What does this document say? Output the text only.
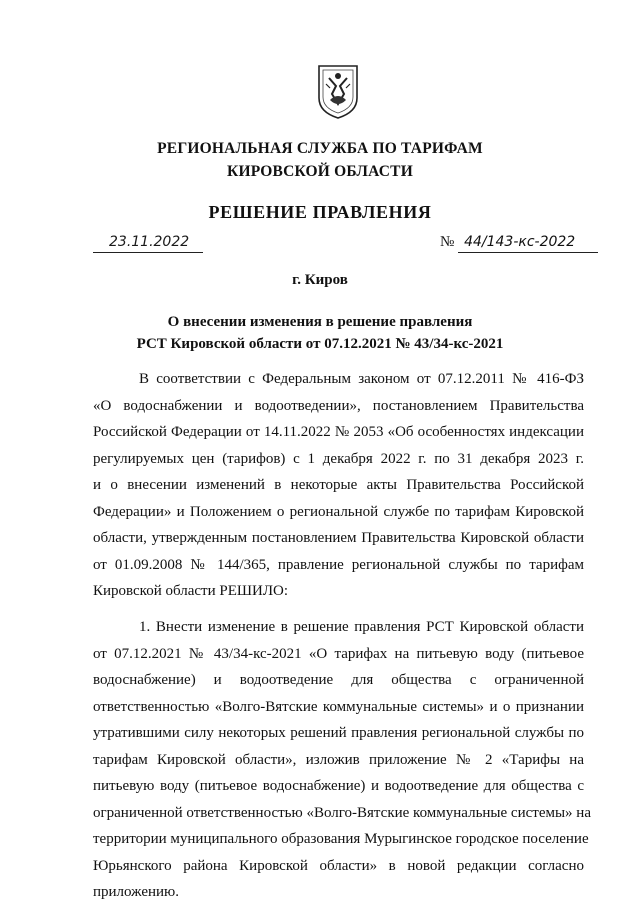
РЕГИОНАЛЬНАЯ СЛУЖБА ПО ТАРИФАМ
КИРОВСКОЙ ОБЛАСТИ
РЕШЕНИЕ ПРАВЛЕНИЯ
23.11.2022	№ 44/143-кс-2022
г. Киров
О внесении изменения в решение правления
РСТ Кировской области от 07.12.2021 № 43/34-кс-2021
В соответствии с Федеральным законом от 07.12.2011 № 416-ФЗ
«О водоснабжении и водоотведении», постановлением Правительства
Российской Федерации от 14.11.2022 № 2053 «Об особенностях индексации
регулируемых цен (тарифов) с 1 декабря 2022 г. по 31 декабря 2023 г.
и о внесении изменений в некоторые акты Правительства Российской
Федерации» и Положением о региональной службе по тарифам Кировской
области, утвержденным постановлением Правительства Кировской области
от 01.09.2008 № 144/365, правление региональной службы по тарифам
Кировской области РЕШИЛО:
1. Внести изменение в решение правления РСТ Кировской области
от 07.12.2021 № 43/34-кс-2021 «О тарифах на питьевую воду (питьевое
водоснабжение) и водоотведение для общества с ограниченной
ответственностью «Волго-Вятские коммунальные системы» и о признании
утратившими силу некоторых решений правления региональной службы по
тарифам Кировской области», изложив приложение № 2 «Тарифы на
питьевую воду (питьевое водоснабжение) и водоотведение для общества с
ограниченной ответственностью «Волго-Вятские коммунальные системы» на
территории муниципального образования Мурыгинское городское поселение
Юрьянского района Кировской области» в новой редакции согласно
приложению.
